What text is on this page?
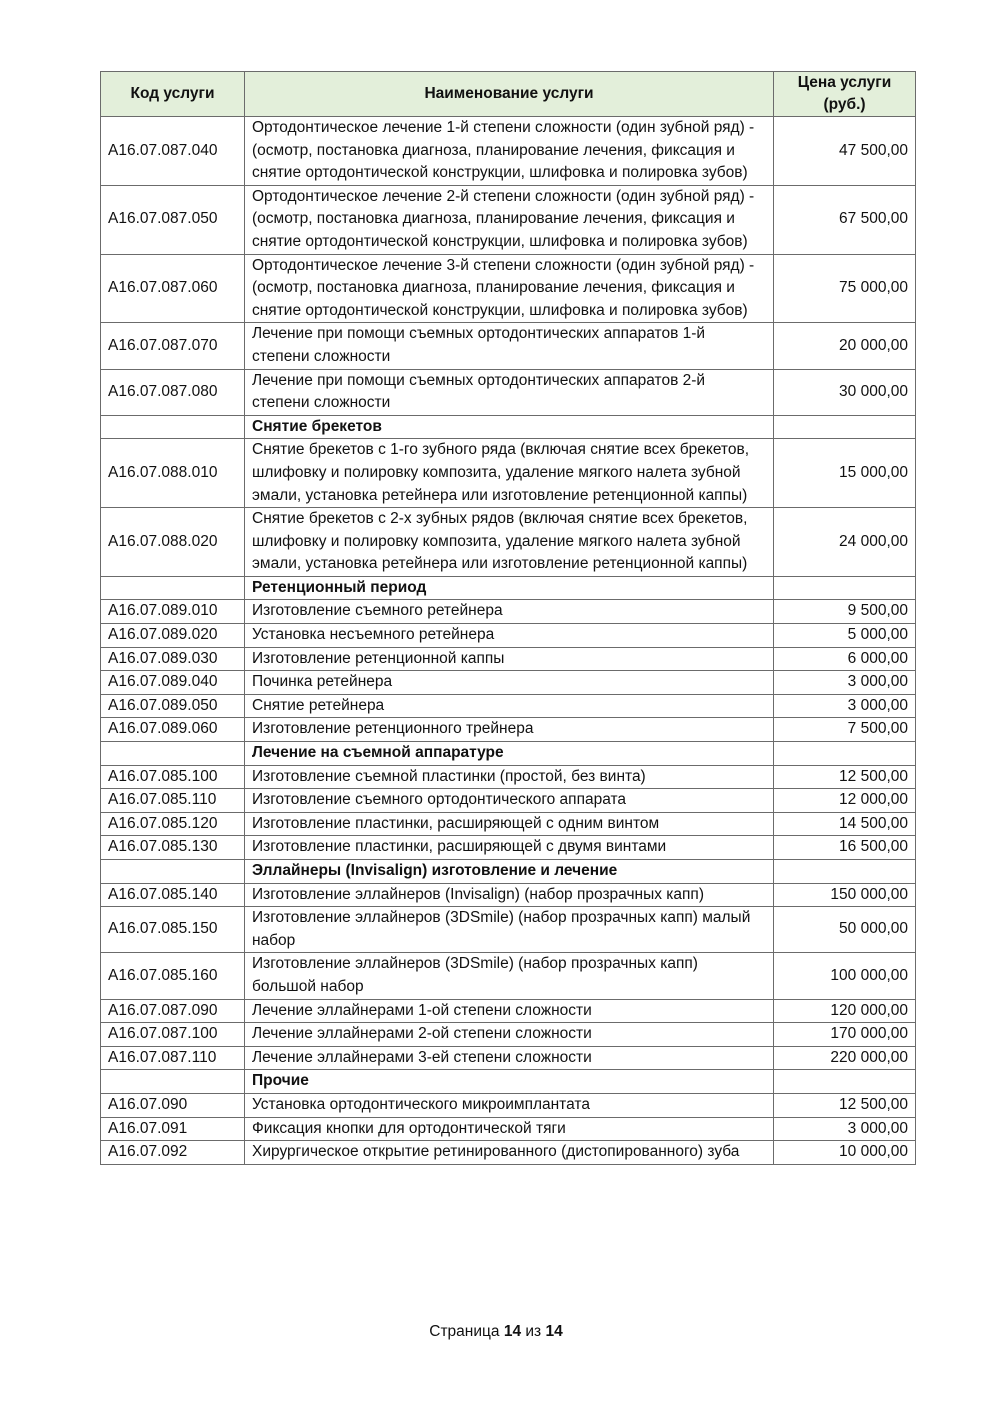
Код услуги	Наименование услуги	Цена услуги (руб.)
A16.07.087.040	Ортодонтическое лечение 1-й степени сложности (один зубной ряд) - (осмотр, постановка диагноза, планирование лечения, фиксация и снятие ортодонтической конструкции, шлифовка и полировка зубов)	47 500,00
A16.07.087.050	Ортодонтическое лечение 2-й степени сложности (один зубной ряд) - (осмотр, постановка диагноза, планирование лечения, фиксация и снятие ортодонтической конструкции, шлифовка и полировка зубов)	67 500,00
A16.07.087.060	Ортодонтическое лечение 3-й степени сложности (один зубной ряд) - (осмотр, постановка диагноза, планирование лечения, фиксация и снятие ортодонтической конструкции, шлифовка и полировка зубов)	75 000,00
A16.07.087.070	Лечение при помощи съемных ортодонтических аппаратов 1-й степени сложности	20 000,00
A16.07.087.080	Лечение при помощи съемных ортодонтических аппаратов 2-й степени сложности	30 000,00
	Снятие брекетов	
A16.07.088.010	Снятие брекетов с 1-го зубного ряда (включая снятие всех брекетов, шлифовку и полировку композита, удаление мягкого налета зубной эмали, установка ретейнера или изготовление ретенционной каппы)	15 000,00
A16.07.088.020	Снятие брекетов с 2-х зубных рядов (включая снятие всех брекетов, шлифовку и полировку композита, удаление мягкого налета зубной эмали, установка ретейнера или изготовление ретенционной каппы)	24 000,00
	Ретенционный период	
A16.07.089.010	Изготовление съемного ретейнера	9 500,00
A16.07.089.020	Установка несъемного ретейнера	5 000,00
A16.07.089.030	Изготовление ретенционной каппы	6 000,00
A16.07.089.040	Починка ретейнера	3 000,00
A16.07.089.050	Снятие ретейнера	3 000,00
A16.07.089.060	Изготовление ретенционного трейнера	7 500,00
	Лечение на съемной аппаратуре	
A16.07.085.100	Изготовление съемной пластинки (простой, без винта)	12 500,00
A16.07.085.110	Изготовление съемного ортодонтического аппарата	12 000,00
A16.07.085.120	Изготовление пластинки, расширяющей с одним винтом	14 500,00
A16.07.085.130	Изготовление пластинки, расширяющей с двумя винтами	16 500,00
	Эллайнеры (Invisalign) изготовление и лечение	
A16.07.085.140	Изготовление эллайнеров (Invisalign) (набор прозрачных капп)	150 000,00
A16.07.085.150	Изготовление эллайнеров (3DSmile) (набор прозрачных капп) малый набор	50 000,00
A16.07.085.160	Изготовление эллайнеров (3DSmile) (набор прозрачных капп) большой набор	100 000,00
A16.07.087.090	Лечение эллайнерами 1-ой степени сложности	120 000,00
A16.07.087.100	Лечение эллайнерами 2-ой степени сложности	170 000,00
A16.07.087.110	Лечение эллайнерами 3-ей степени сложности	220 000,00
	Прочие	
A16.07.090	Установка ортодонтического микроимплантата	12 500,00
A16.07.091	Фиксация кнопки для ортодонтической тяги	3 000,00
A16.07.092	Хирургическое открытие ретинированного (дистопированного) зуба	10 000,00
Страница 14 из 14
